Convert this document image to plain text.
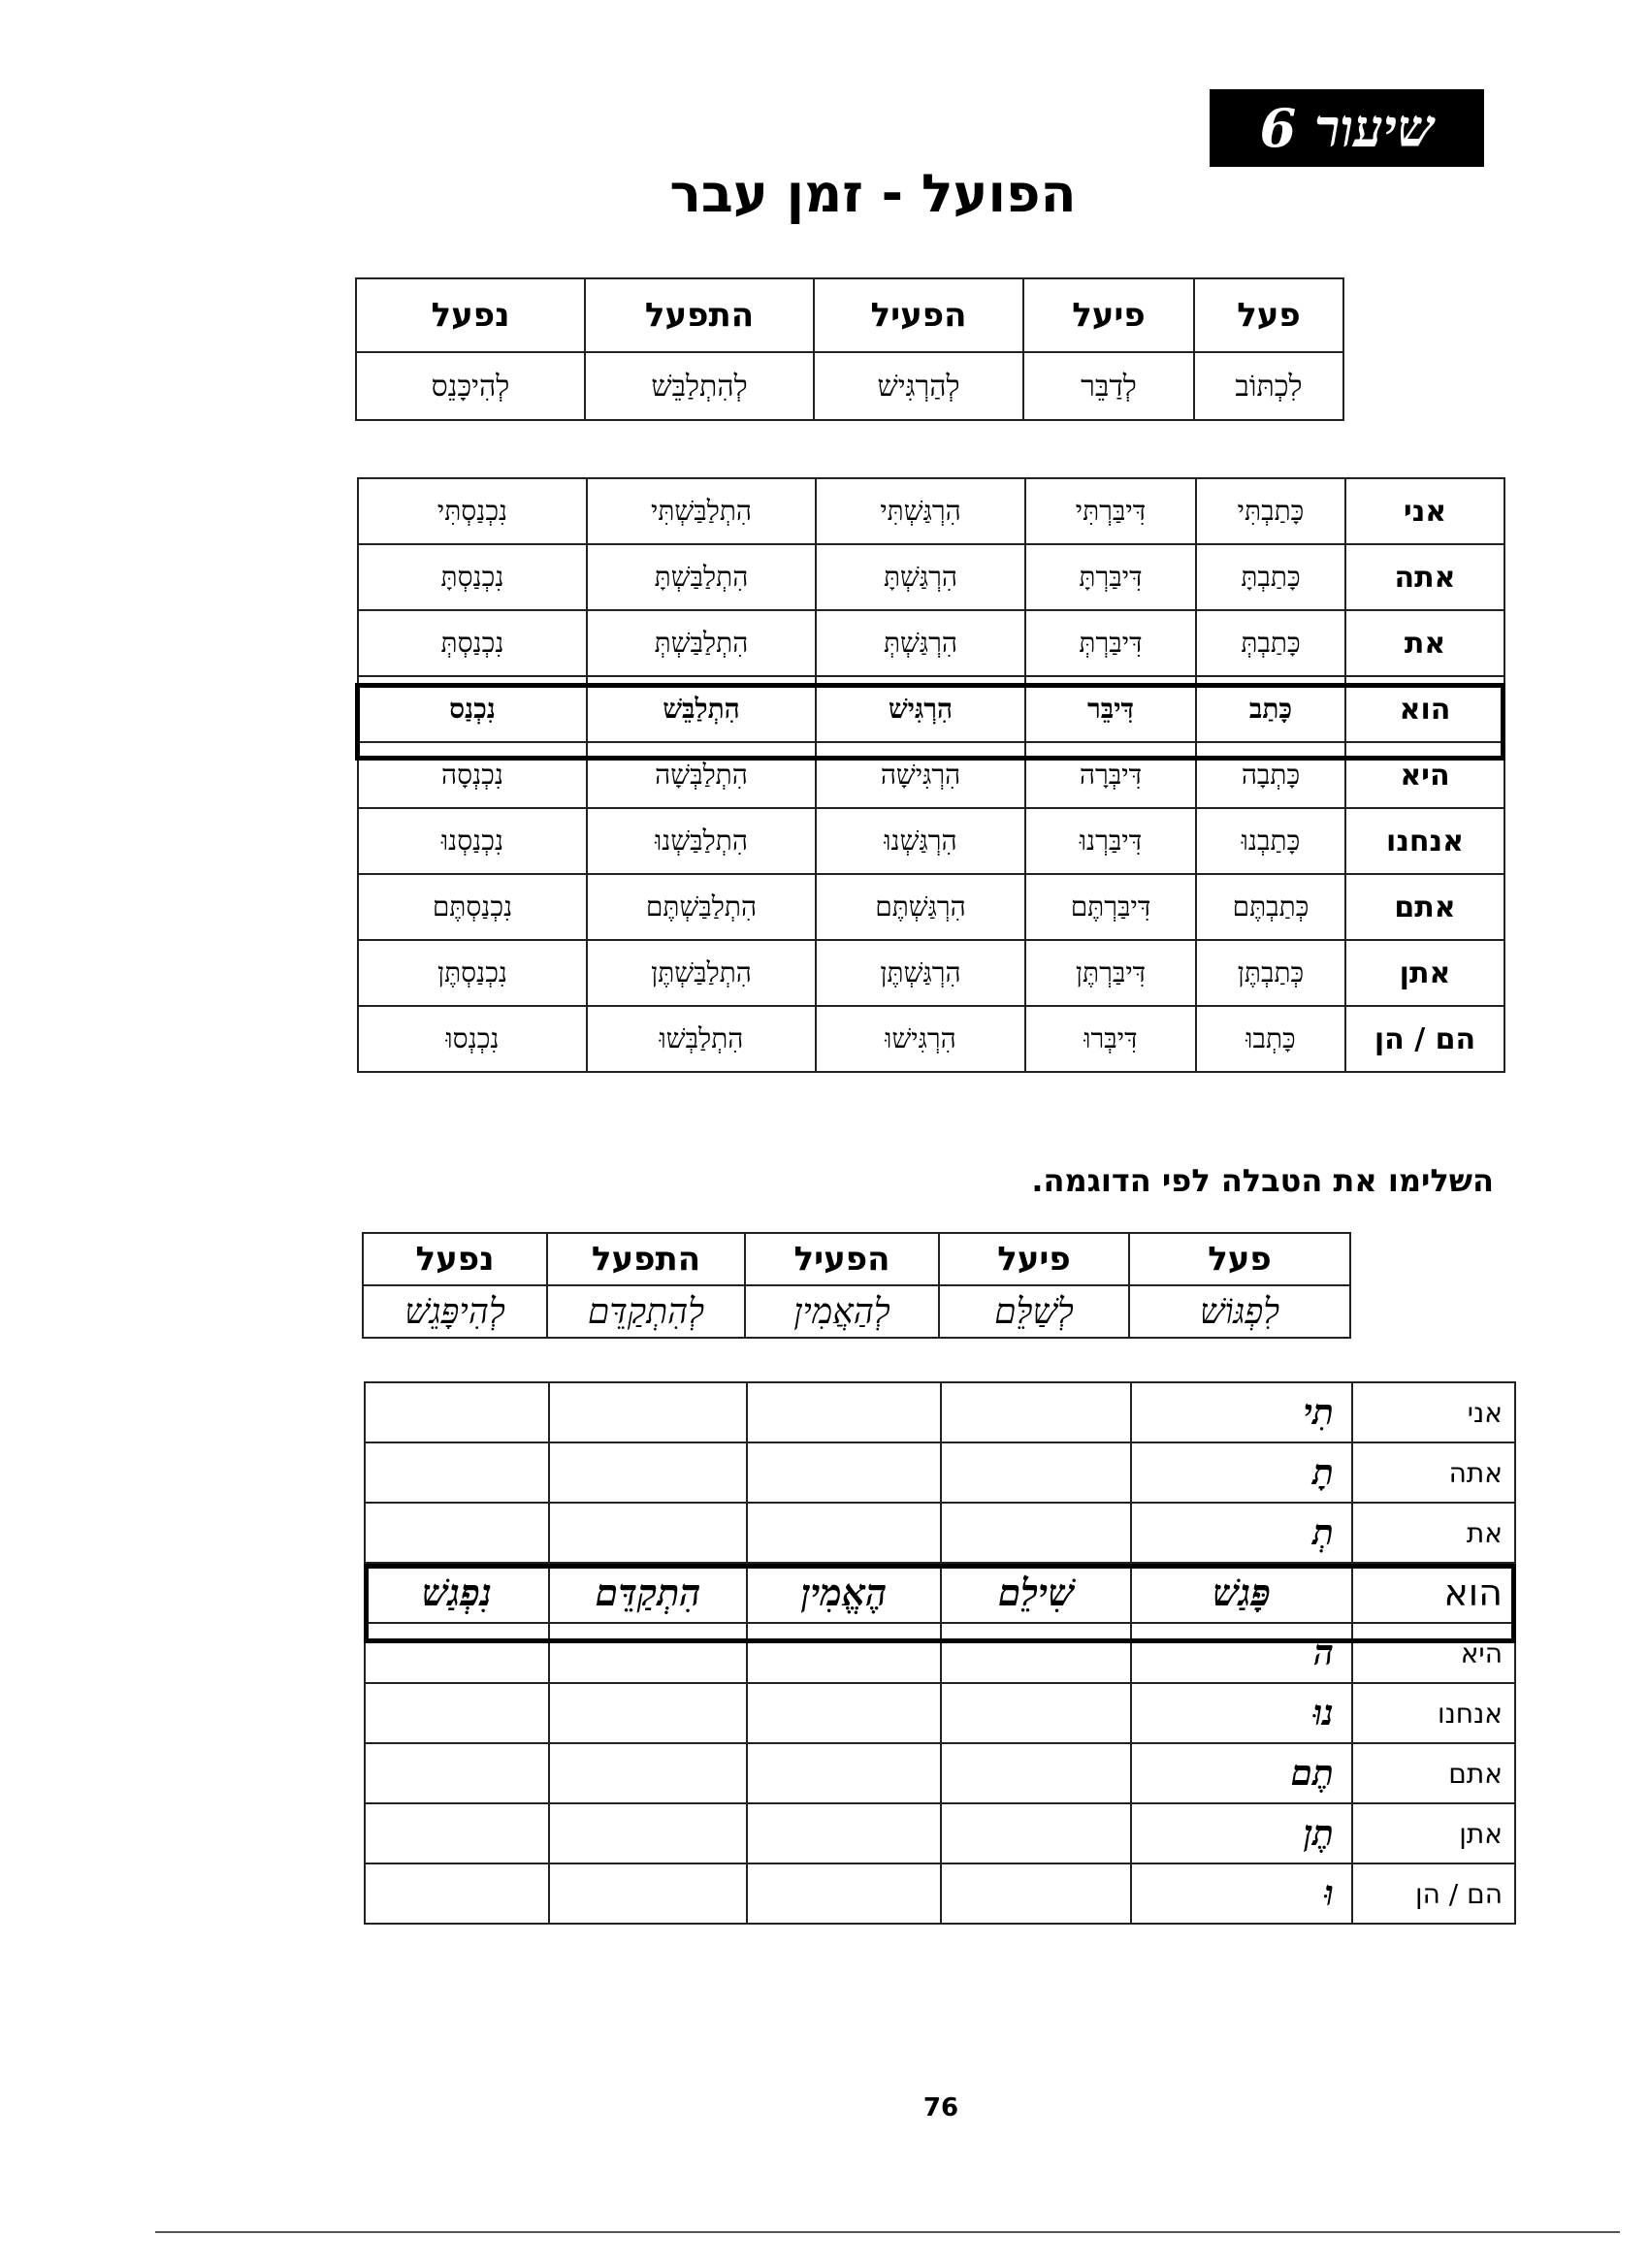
שיעור 6
הפועל - זמן עבר
פעל	פיעל	הפעיל	התפעל	נפעל
לִכְתּוֹב	לְדַבֵּר	לְהַרְגִּישׁ	לְהִתְלַבֵּשׁ	לְהִיכָּנֵס
אני	כָּתַבְתִּי	דִּיבַּרְתִּי	הִרְגַּשְׁתִּי	הִתְלַבַּשְׁתִּי	נִכְנַסְתִּי
אתה	כָּתַבְתָּ	דִּיבַּרְתָּ	הִרְגַּשְׁתָּ	הִתְלַבַּשְׁתָּ	נִכְנַסְתָּ
את	כָּתַבְתְּ	דִּיבַּרְתְּ	הִרְגַּשְׁתְּ	הִתְלַבַּשְׁתְּ	נִכְנַסְתְּ
הוא	כָּתַב	דִּיבֵּר	הִרְגִּישׁ	הִתְלַבֵּשׁ	נִכְנַס
היא	כָּתְבָה	דִּיבְּרָה	הִרְגִּישָׁה	הִתְלַבְּשָׁה	נִכְנְסָה
אנחנו	כָּתַבְנוּ	דִּיבַּרְנוּ	הִרְגַּשְׁנוּ	הִתְלַבַּשְׁנוּ	נִכְנַסְנוּ
אתם	כְּתַבְתֶּם	דִּיבַּרְתֶּם	הִרְגַּשְׁתֶּם	הִתְלַבַּשְׁתֶּם	נִכְנַסְתֶּם
אתן	כְּתַבְתֶּן	דִּיבַּרְתֶּן	הִרְגַּשְׁתֶּן	הִתְלַבַּשְׁתֶּן	נִכְנַסְתֶּן
הם / הן	כָּתְבוּ	דִּיבְּרוּ	הִרְגִּישׁוּ	הִתְלַבְּשׁוּ	נִכְנְסוּ
השלימו את הטבלה לפי הדוגמה.
פעל	פיעל	הפעיל	התפעל	נפעל
לִפְגּוֹשׁ	לְשַׁלֵּם	לְהַאֲמִין	לְהִתְקַדֵּם	לְהִיפָּגֵשׁ
אני	תִי				
אתה	תָ				
את	תְ				
הוא	פָּגַשׁ	שִׁילֵם	הֶאֱמִין	הִתְקַדֵּם	נִפְגַשׁ
היא	ה				
אנחנו	נוּ				
אתם	תֶם				
אתן	תֶן				
הם / הן	וּ				
76
